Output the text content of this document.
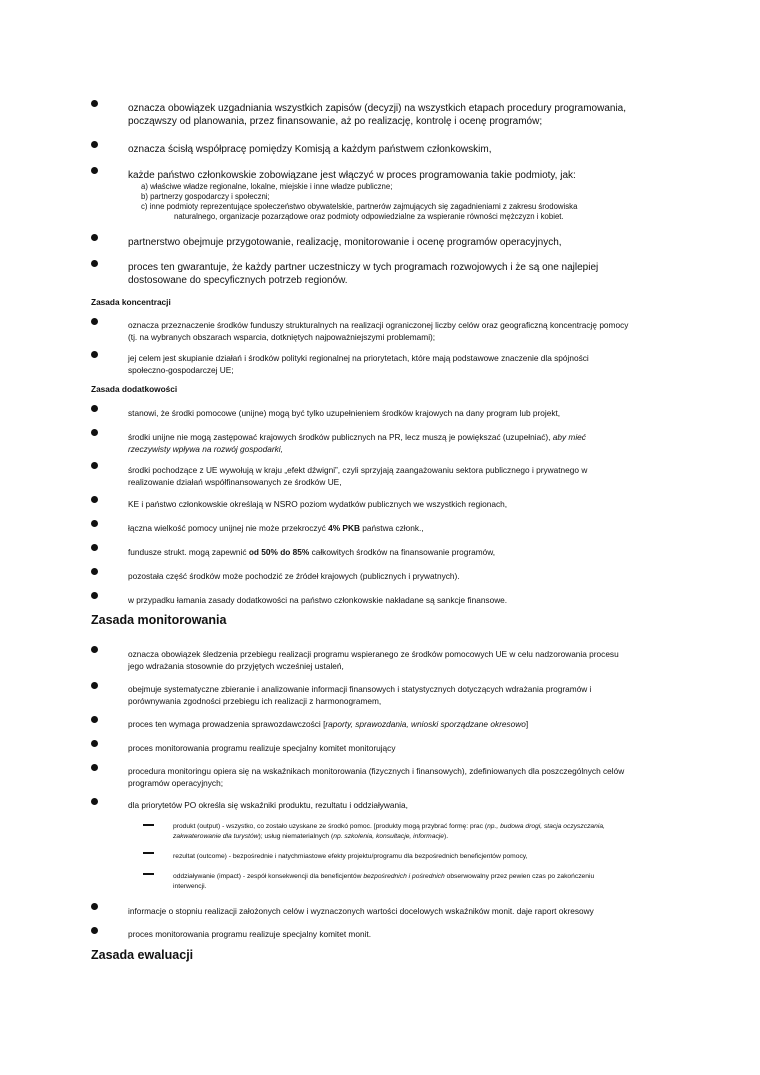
oznacza obowiązek uzgadniania wszystkich zapisów (decyzji) na wszystkich etapach procedury programowania,
począwszy od planowania, przez finansowanie, aż po realizację, kontrolę i ocenę programów;
oznacza ścisłą współpracę pomiędzy Komisją a każdym państwem członkowskim,
każde państwo członkowskie zobowiązane jest włączyć w proces programowania takie podmioty, jak:
a) właściwe władze regionalne, lokalne, miejskie i inne władze publiczne;
b) partnerzy gospodarczy i społeczni;
c) inne podmioty reprezentujące społeczeństwo obywatelskie, partnerów zajmujących się zagadnieniami z zakresu środowiska
naturalnego, organizacje pozarządowe oraz podmioty odpowiedzialne za wspieranie równości mężczyzn i kobiet.
partnerstwo obejmuje przygotowanie, realizację, monitorowanie i ocenę programów operacyjnych,
proces ten gwarantuje, że każdy partner uczestniczy w tych programach rozwojowych i że są one najlepiej
dostosowane do specyficznych potrzeb regionów.
Zasada koncentracji
oznacza przeznaczenie środków funduszy strukturalnych na realizacji ograniczonej liczby celów oraz geograficzną koncentrację pomocy
(tj. na wybranych obszarach wsparcia, dotkniętych najpoważniejszymi problemami);
jej celem jest skupianie działań i środków polityki regionalnej na priorytetach, które mają podstawowe znaczenie dla spójności
społeczno-gospodarczej UE;
Zasada dodatkowości
stanowi, że środki pomocowe (unijne) mogą być tylko uzupełnieniem środków krajowych na dany program lub projekt,
środki unijne nie mogą zastępować krajowych środków publicznych na PR, lecz muszą je powiększać (uzupełniać), aby mieć
rzeczywisty wpływa na rozwój gospodarki,
środki pochodzące z UE wywołują w kraju „efekt dźwigni”, czyli sprzyjają zaangażowaniu sektora publicznego i prywatnego w
realizowanie działań współfinansowanych ze środków UE,
KE i państwo członkowskie określają w NSRO poziom wydatków publicznych we wszystkich regionach,
łączna wielkość pomocy unijnej nie może przekroczyć 4% PKB państwa członk.,
fundusze strukt. mogą zapewnić od 50% do 85% całkowitych środków na finansowanie programów,
pozostała część środków może pochodzić ze źródeł krajowych (publicznych i prywatnych).
w przypadku łamania zasady dodatkowości na państwo członkowskie nakładane są sankcje finansowe.
Zasada monitorowania
oznacza obowiązek śledzenia przebiegu realizacji programu wspieranego ze środków pomocowych UE w celu nadzorowania procesu
jego wdrażania stosownie do przyjętych wcześniej ustaleń,
obejmuje systematyczne zbieranie i analizowanie informacji finansowych i statystycznych dotyczących wdrażania programów i
porównywania zgodności przebiegu ich realizacji z harmonogramem,
proces ten wymaga prowadzenia sprawozdawczości [raporty, sprawozdania, wnioski sporządzane okresowo]
proces monitorowania programu realizuje specjalny komitet monitorujący
procedura monitoringu opiera się na wskaźnikach monitorowania (fizycznych i finansowych), zdefiniowanych dla poszczególnych celów
programów operacyjnych;
dla priorytetów PO określa się wskaźniki produktu, rezultatu i oddziaływania,
produkt (output) - wszystko, co zostało uzyskane ze środkó pomoc. [produkty mogą przybrać formę: prac (np., budowa drogi, stacja oczyszczania,
zakwaterowanie dla turystów); usług niematerialnych (np. szkolenia, konsultacje, informacje).
rezultat (outcome) - bezpośrednie i natychmiastowe efekty projektu/programu dla bezpośrednich beneficjentów pomocy,
oddziaływanie (impact) - zespół konsekwencji dla beneficjentów bezpośrednich i pośrednich obserwowalny przez pewien czas po zakończeniu
interwencji.
informacje o stopniu realizacji założonych celów i wyznaczonych wartości docelowych wskaźników monit. daje raport okresowy
proces monitorowania programu realizuje specjalny komitet monit.
Zasada ewaluacji
